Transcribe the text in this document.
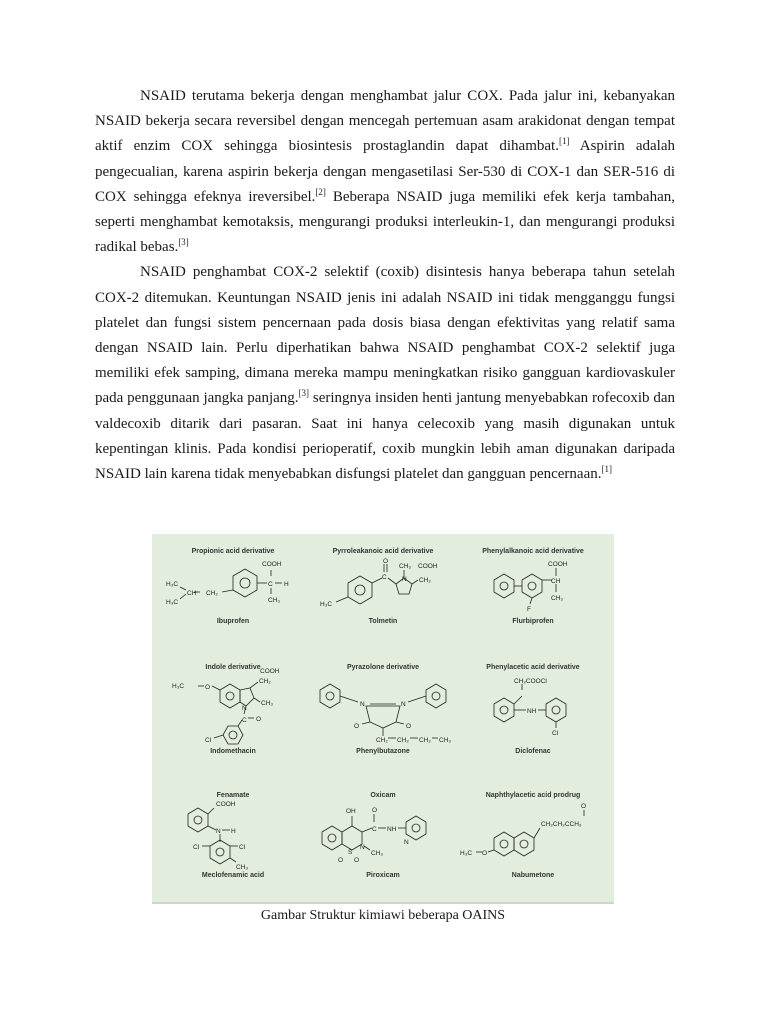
NSAID terutama bekerja dengan menghambat jalur COX. Pada jalur ini, kebanyakan NSAID bekerja secara reversibel dengan mencegah pertemuan asam arakidonat dengan tempat aktif enzim COX sehingga biosintesis prostaglandin dapat dihambat.[1] Aspirin adalah pengecualian, karena aspirin bekerja dengan mengasetilasi Ser-530 di COX-1 dan SER-516 di COX sehingga efeknya ireversibel.[2] Beberapa NSAID juga memiliki efek kerja tambahan, seperti menghambat kemotaksis, mengurangi produksi interleukin-1, dan mengurangi produksi radikal bebas.[3]

NSAID penghambat COX-2 selektif (coxib) disintesis hanya beberapa tahun setelah COX-2 ditemukan. Keuntungan NSAID jenis ini adalah NSAID ini tidak mengganggu fungsi platelet dan fungsi sistem pencernaan pada dosis biasa dengan efektivitas yang relatif sama dengan NSAID lain. Perlu diperhatikan bahwa NSAID penghambat COX-2 selektif juga memiliki efek samping, dimana mereka mampu meningkatkan risiko gangguan kardiovaskuler pada penggunaan jangka panjang.[3] seringnya insiden henti jantung menyebabkan rofecoxib dan valdecoxib ditarik dari pasaran. Saat ini hanya celecoxib yang masih digunakan untuk kepentingan klinis. Pada kondisi perioperatif, coxib mungkin lebih aman digunakan daripada NSAID lain karena tidak menyebabkan disfungsi platelet dan gangguan pencernaan.[1]

Propionic acid derivative
COOH
C H
CH₃
H₃C
CH CH₂
H₃C
Ibuprofen
Pyrroleakanoic acid derivative
O
C
CH₃ COOH
N CH₂
H₃C
Tolmetin
Phenylalkanoic acid derivative
COOH
CH
CH₃
F
Flurbiprofen
Indole derivative
COOH
H₃C	O
CH₂
N
CH₃
C O
Cl
Indomethacin
Pyrazolone derivative
N	N
O	O
CH₂ CH₂ CH₂ CH₃
Phenylbutazone
Phenylacetic acid derivative
CH₂COOCl
NH
Cl
Diclofenac
Fenamate
COOH
N H
Cl	Cl
CH₃
Meclofenamic acid
Oxicam
OH	O
C NH
N
S
O O
N
CH₃
Piroxicam
Naphthylacetic acid prodrug
CH₂CH₂CCH₃
O
H₃C O
Nabumetone
Gambar Struktur kimiawi beberapa OAINS
